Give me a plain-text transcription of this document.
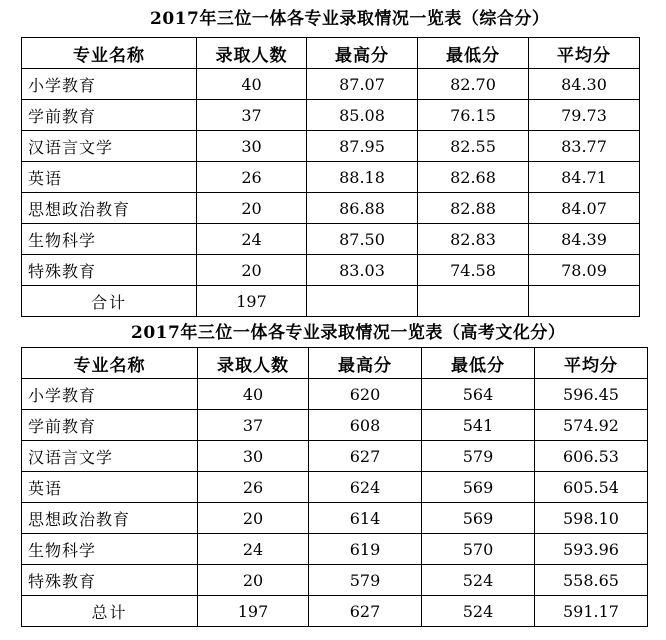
2017年三位一体各专业录取情况一览表（综合分）
专业名称	录取人数	最高分	最低分	平均分
小学教育	40	87.07	82.70	84.30
学前教育	37	85.08	76.15	79.73
汉语言文学	30	87.95	82.55	83.77
英语	26	88.18	82.68	84.71
思想政治教育	20	86.88	82.88	84.07
生物科学	24	87.50	82.83	84.39
特殊教育	20	83.03	74.58	78.09
合计	197			
2017年三位一体各专业录取情况一览表（高考文化分）
专业名称	录取人数	最高分	最低分	平均分
小学教育	40	620	564	596.45
学前教育	37	608	541	574.92
汉语言文学	30	627	579	606.53
英语	26	624	569	605.54
思想政治教育	20	614	569	598.10
生物科学	24	619	570	593.96
特殊教育	20	579	524	558.65
总计	197	627	524	591.17
